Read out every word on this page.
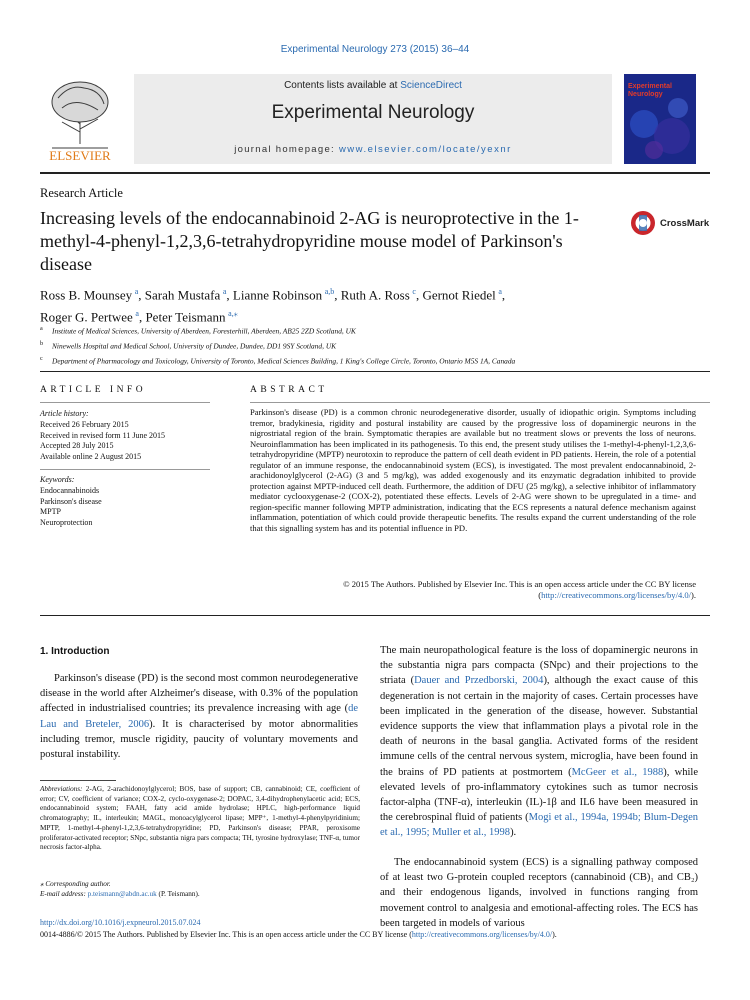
Experimental Neurology 273 (2015) 36–44
ELSEVIER
Contents lists available at ScienceDirect
Experimental Neurology
journal homepage: www.elsevier.com/locate/yexnr
Experimental Neurology
Research Article
Increasing levels of the endocannabinoid 2-AG is neuroprotective in the 1-methyl-4-phenyl-1,2,3,6-tetrahydropyridine mouse model of Parkinson's disease
CrossMark
Ross B. Mounsey  $^a$, Sarah Mustafa  $^a$, Lianne Robinson  $^{a,b}$, Ruth A. Ross  $^c$, Gernot Riedel  $^a$,
Roger G. Pertwee  $^a$, Peter Teismann  $^{a,⁎}$
$^a$ Institute of Medical Sciences, University of Aberdeen, Foresterhill, Aberdeen, AB25 2ZD Scotland, UK
$^b$ Ninewells Hospital and Medical School, University of Dundee, Dundee, DD1 9SY Scotland, UK
$^c$ Department of Pharmacology and Toxicology, University of Toronto, Medical Sciences Building, 1 King's College Circle, Toronto, Ontario M5S 1A, Canada
ARTICLE INFO
Article history:
Received 26 February 2015
Received in revised form 11 June 2015
Accepted 28 July 2015
Available online 2 August 2015
Keywords:
Endocannabinoids
Parkinson's disease
MPTP
Neuroprotection
ABSTRACT
Parkinson's disease (PD) is a common chronic neurodegenerative disorder, usually of idiopathic origin. Symptoms including tremor, bradykinesia, rigidity and postural instability are caused by the progressive loss of dopaminergic neurons in the nigrostriatal region of the brain. Symptomatic therapies are available but no treatment slows or prevents the loss of neurons. Neuroinflammation has been implicated in its pathogenesis. To this end, the present study utilises the 1-methyl-4-phenyl-1,2,3,6-tetrahydropyridine (MPTP) neurotoxin to reproduce the pattern of cell death evident in PD patients. Herein, the role of a potential regulator of an immune response, the endocannabinoid system (ECS), is investigated. The most prevalent endocannabinoid, 2-arachidonoylglycerol (2-AG) (3 and 5 mg/kg), was added exogenously and its enzymatic degradation inhibited to provide protection against MPTP-induced cell death. Furthermore, the addition of DFU (25 mg/kg), a selective inhibitor of inflammatory mediator cyclooxygenase-2 (COX-2), potentiated these effects. Levels of 2-AG were shown to be upregulated in a time- and region-specific manner following MPTP administration, indicating that the ECS represents a natural defence mechanism against inflammation, potentiation of which could provide therapeutic benefits. The results expand the current understanding of the role that this signalling system has and its potential influence in PD.
© 2015 The Authors. Published by Elsevier Inc. This is an open access article under the CC BY license (http://creativecommons.org/licenses/by/4.0/).
1. Introduction
Parkinson's disease (PD) is the second most common neurodegenerative disease in the world after Alzheimer's disease, with 0.3% of the population affected in industrialised countries; its prevalence increasing with age (de Lau and Breteler, 2006). It is characterised by motor abnormalities including tremor, muscle rigidity, paucity of voluntary movements and postural instability.
Abbreviations: 2-AG, 2-arachidonoylglycerol; BOS, base of support; CB, cannabinoid; CE, coefficient of error; CV, coefficient of variance; COX-2, cyclo-oxygenase-2; DOPAC, 3,4-dihydrophenylacetic acid; ECS, endocannabinoid system; FAAH, fatty acid amide hydrolase; HPLC, high-performance liquid chromatography; IL, interleukin; MAGL, monoacylglycerol lipase; MPP⁺, 1-methyl-4-phenylpyridinium; MPTP, 1-methyl-4-phenyl-1,2,3,6-tetrahydropyridine; PD, Parkinson's disease; PPAR, peroxisome proliferator-activated receptor; SNpc, substantia nigra pars compacta; TH, tyrosine hydroxylase; TNF-α, tumor necrosis factor-alpha.
⁎ Corresponding author.
E-mail address: p.teismann@abdn.ac.uk (P. Teismann).
The main neuropathological feature is the loss of dopaminergic neurons in the substantia nigra pars compacta (SNpc) and their projections to the striata (Dauer and Przedborski, 2004), although the exact cause of this degeneration is not certain in the majority of cases. Certain processes have been implicated in the generation of the disease, however. Substantial evidence supports the view that inflammation plays a pivotal role in the death of neurons in the basal ganglia. Activated forms of the resident immune cells of the central nervous system, microglia, have been found in the brains of PD patients at postmortem (McGeer et al., 1988), while elevated levels of pro-inflammatory cytokines such as tumor necrosis factor-alpha (TNF-α), interleukin (IL)-1β and IL6 have been measured in the cerebrospinal fluid of patients (Mogi et al., 1994a, 1994b; Blum-Degen et al., 1995; Muller et al., 1998).
The endocannabinoid system (ECS) is a signalling pathway composed of at least two G-protein coupled receptors (cannabinoid (CB)₁ and CB₂) and their endogenous ligands, involved in functions ranging from movement control to analgesia and emotional-affecting roles. The ECS has been targeted in models of various
http://dx.doi.org/10.1016/j.expneurol.2015.07.024
0014-4886/© 2015 The Authors. Published by Elsevier Inc. This is an open access article under the CC BY license (http://creativecommons.org/licenses/by/4.0/).
